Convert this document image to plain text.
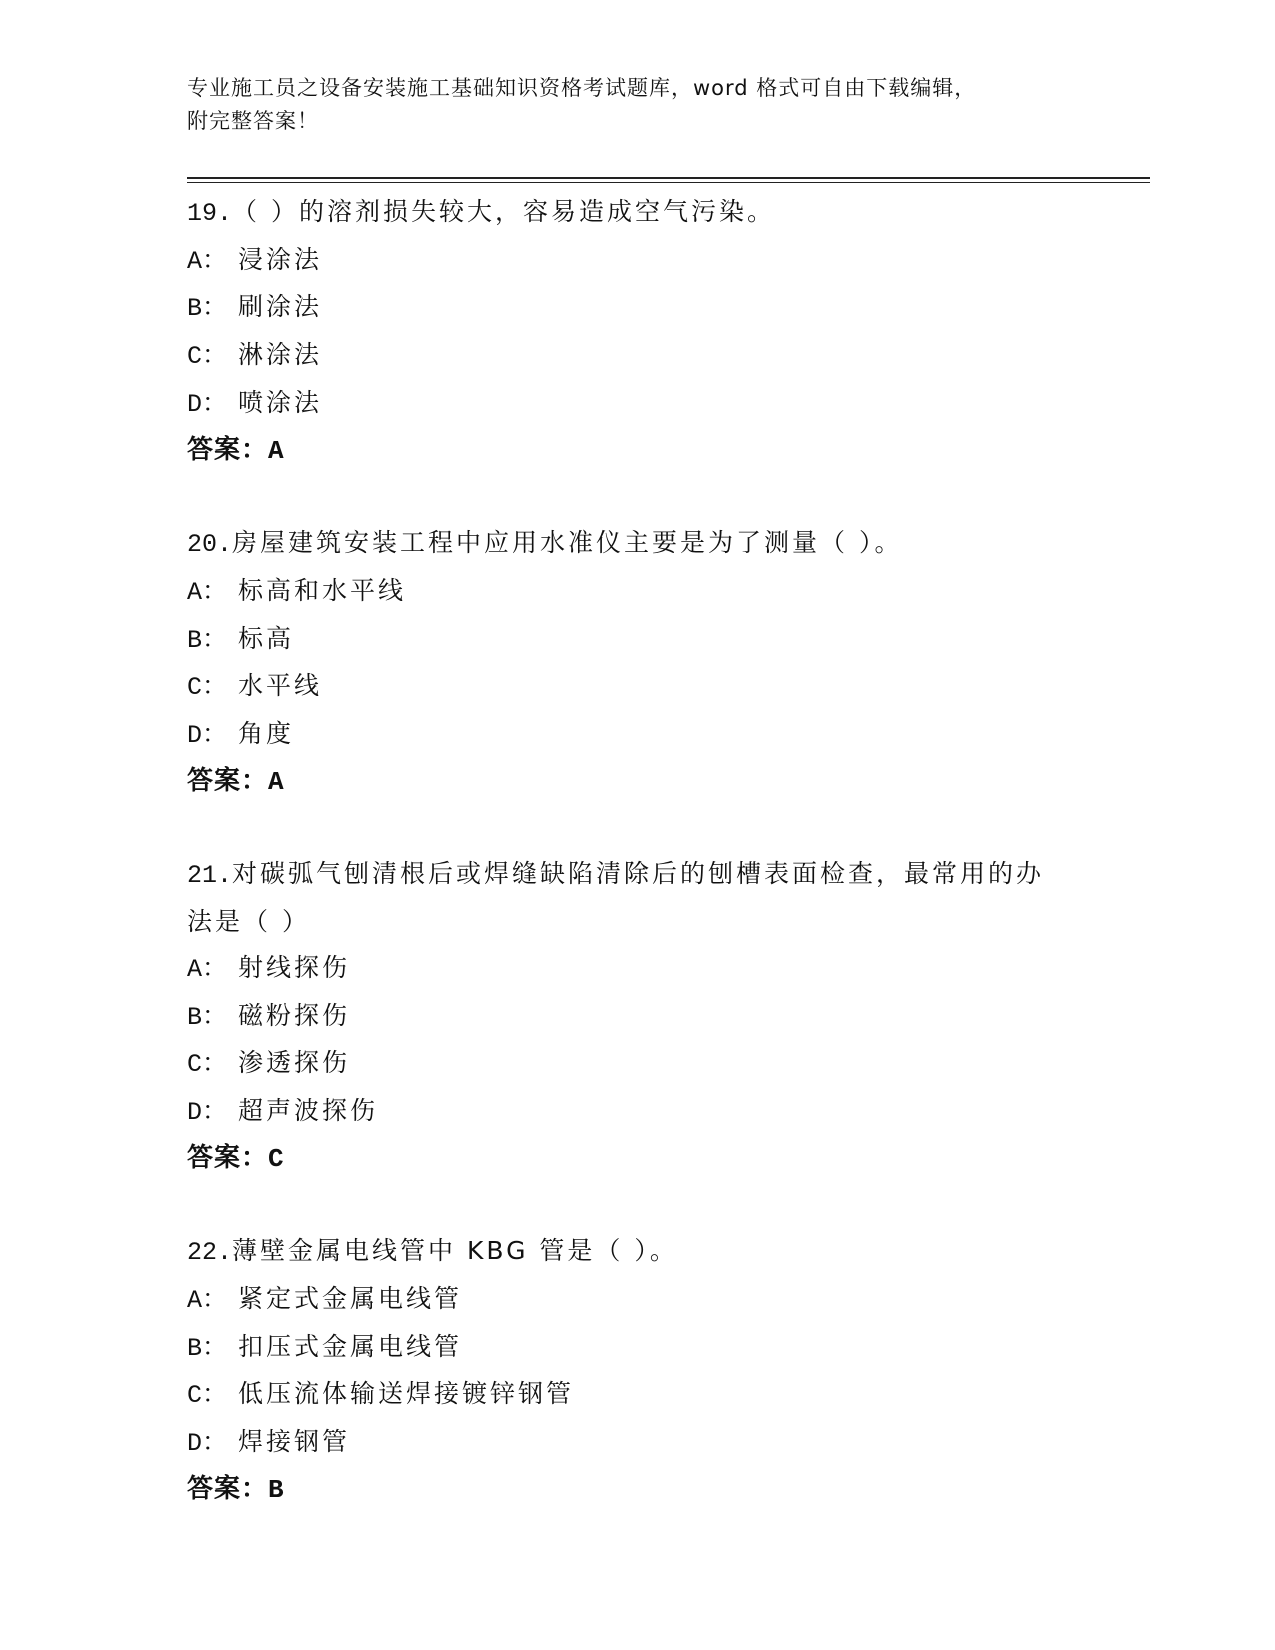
专业施工员之设备安装施工基础知识资格考试题库，word 格式可自由下载编辑，
附完整答案！
19.（ ）的溶剂损失较大，容易造成空气污染。
A： 浸涂法
B： 刷涂法
C： 淋涂法
D： 喷涂法
答案：A
20.房屋建筑安装工程中应用水准仪主要是为了测量（ ）。
A： 标高和水平线
B： 标高
C： 水平线
D： 角度
答案：A
21.对碳弧气刨清根后或焊缝缺陷清除后的刨槽表面检查，最常用的办
法是（ ）
A： 射线探伤
B： 磁粉探伤
C： 渗透探伤
D： 超声波探伤
答案：C
22.薄壁金属电线管中 KBG 管是（ ）。
A： 紧定式金属电线管
B： 扣压式金属电线管
C： 低压流体输送焊接镀锌钢管
D： 焊接钢管
答案：B
